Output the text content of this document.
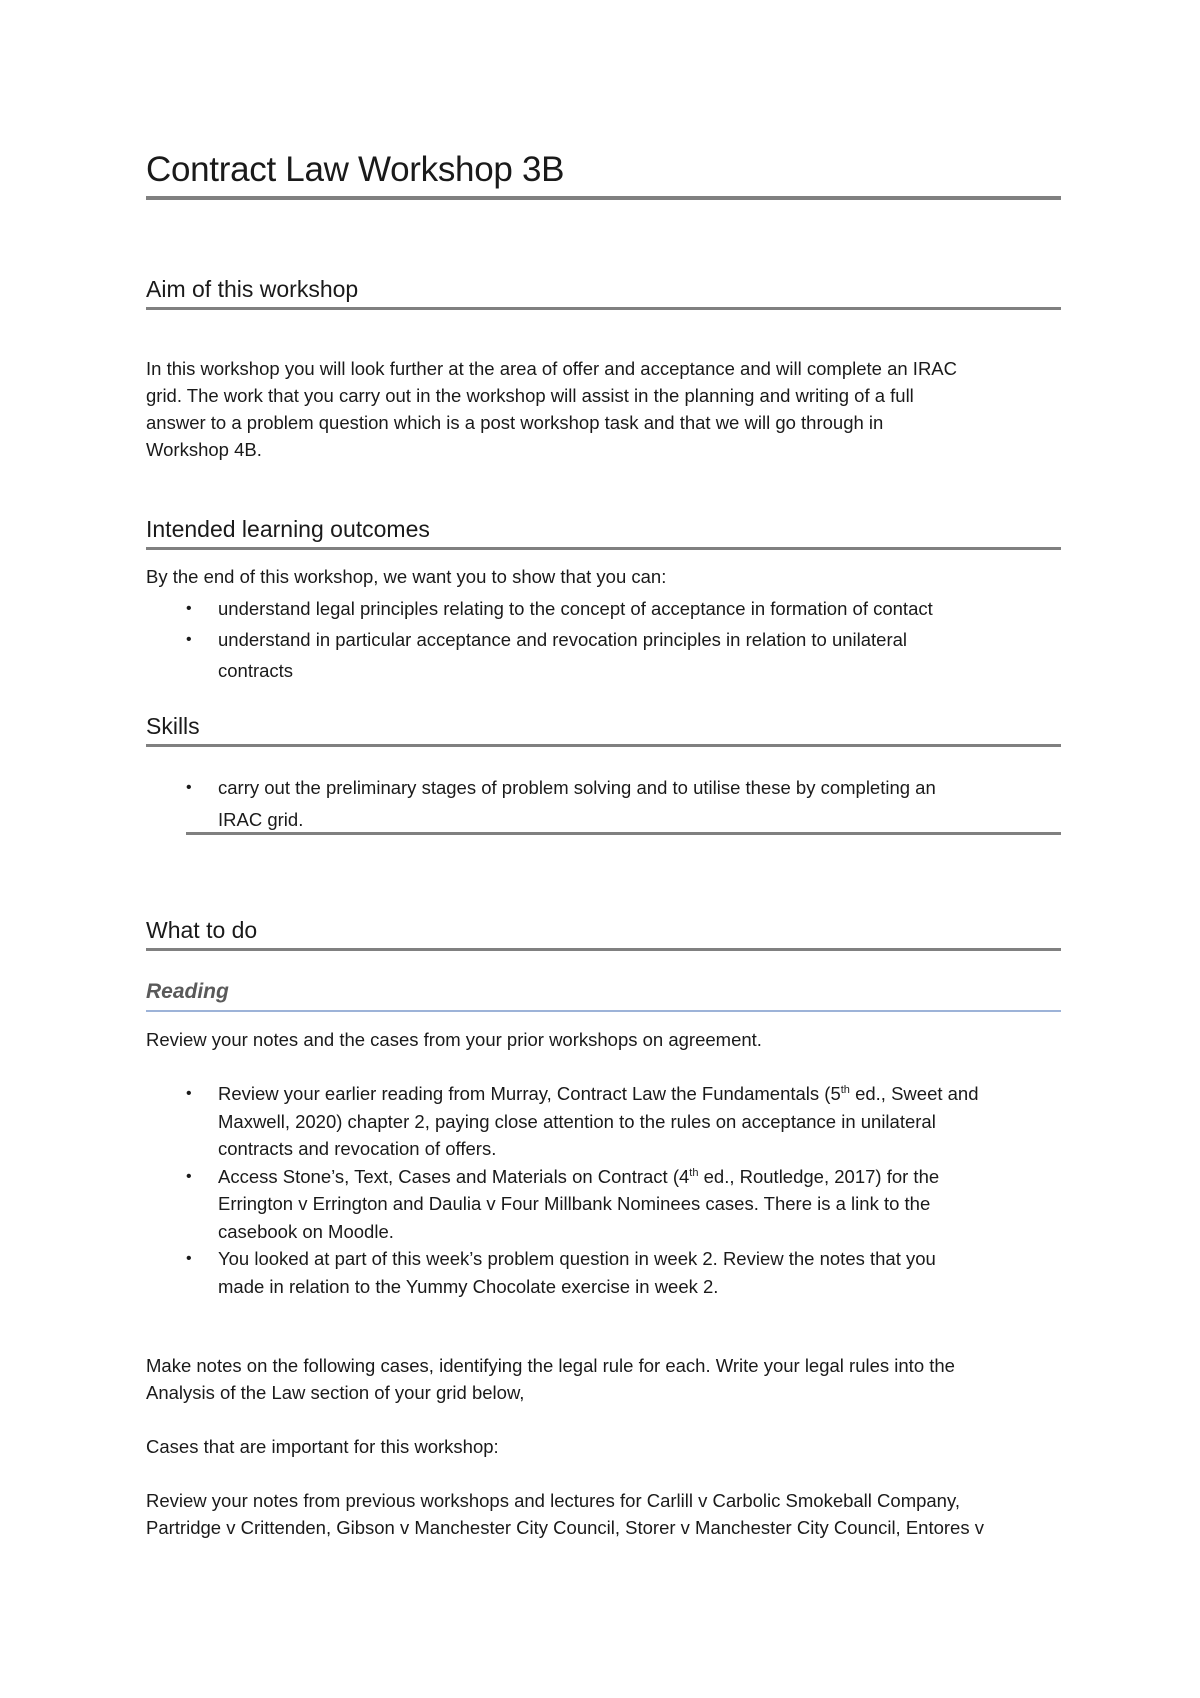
Contract Law Workshop 3B
Aim of this workshop
In this workshop you will look further at the area of offer and acceptance and will complete an IRAC
grid. The work that you carry out in the workshop will assist in the planning and writing of a full
answer to a problem question which is a post workshop task and that we will go through in
Workshop 4B.
Intended learning outcomes
By the end of this workshop, we want you to show that you can:
• understand legal principles relating to the concept of acceptance in formation of contact
• understand in particular acceptance and revocation principles in relation to unilateral
contracts
Skills
• carry out the preliminary stages of problem solving and to utilise these by completing an
IRAC grid.
What to do
Reading
Review your notes and the cases from your prior workshops on agreement.
• Review your earlier reading from Murray, Contract Law the Fundamentals (5th ed., Sweet and
Maxwell, 2020) chapter 2, paying close attention to the rules on acceptance in unilateral
contracts and revocation of offers.
• Access Stone’s, Text, Cases and Materials on Contract (4th ed., Routledge, 2017) for the
Errington v Errington and Daulia v Four Millbank Nominees cases. There is a link to the
casebook on Moodle.
• You looked at part of this week’s problem question in week 2. Review the notes that you
made in relation to the Yummy Chocolate exercise in week 2.
Make notes on the following cases, identifying the legal rule for each. Write your legal rules into the
Analysis of the Law section of your grid below,
Cases that are important for this workshop:
Review your notes from previous workshops and lectures for Carlill v Carbolic Smokeball Company,
Partridge v Crittenden, Gibson v Manchester City Council, Storer v Manchester City Council, Entores v
